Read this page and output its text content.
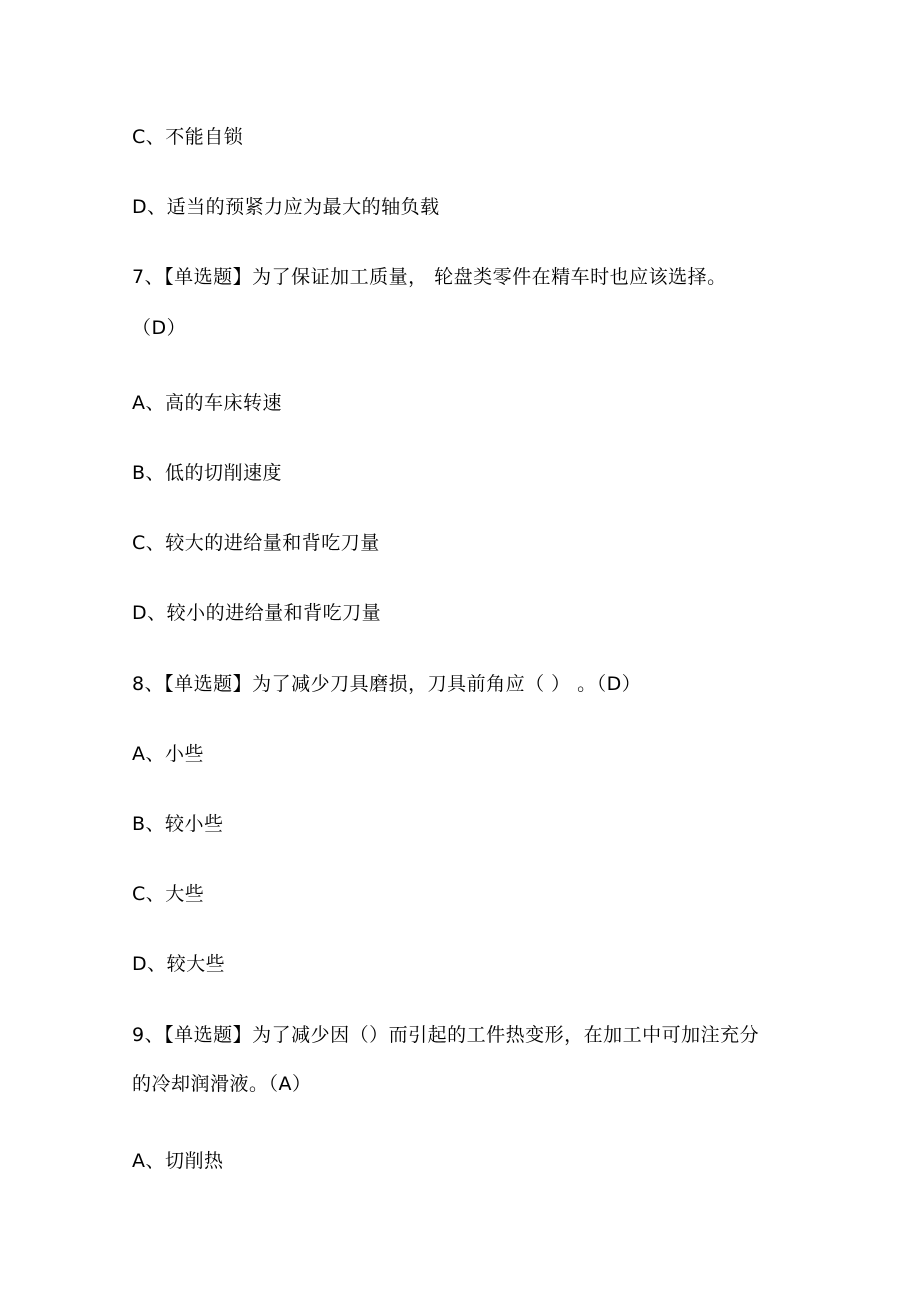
C、不能自锁
D、适当的预紧力应为最大的轴负载
7、【单选题】为了保证加工质量， 轮盘类零件在精车时也应该选择。
（D）
A、高的车床转速
B、低的切削速度
C、较大的进给量和背吃刀量
D、较小的进给量和背吃刀量
8、【单选题】为了减少刀具磨损，刀具前角应（ ） 。（D）
A、小些
B、较小些
C、大些
D、较大些
9、【单选题】为了减少因（）而引起的工件热变形，在加工中可加注充分
的冷却润滑液。（A）
A、切削热
